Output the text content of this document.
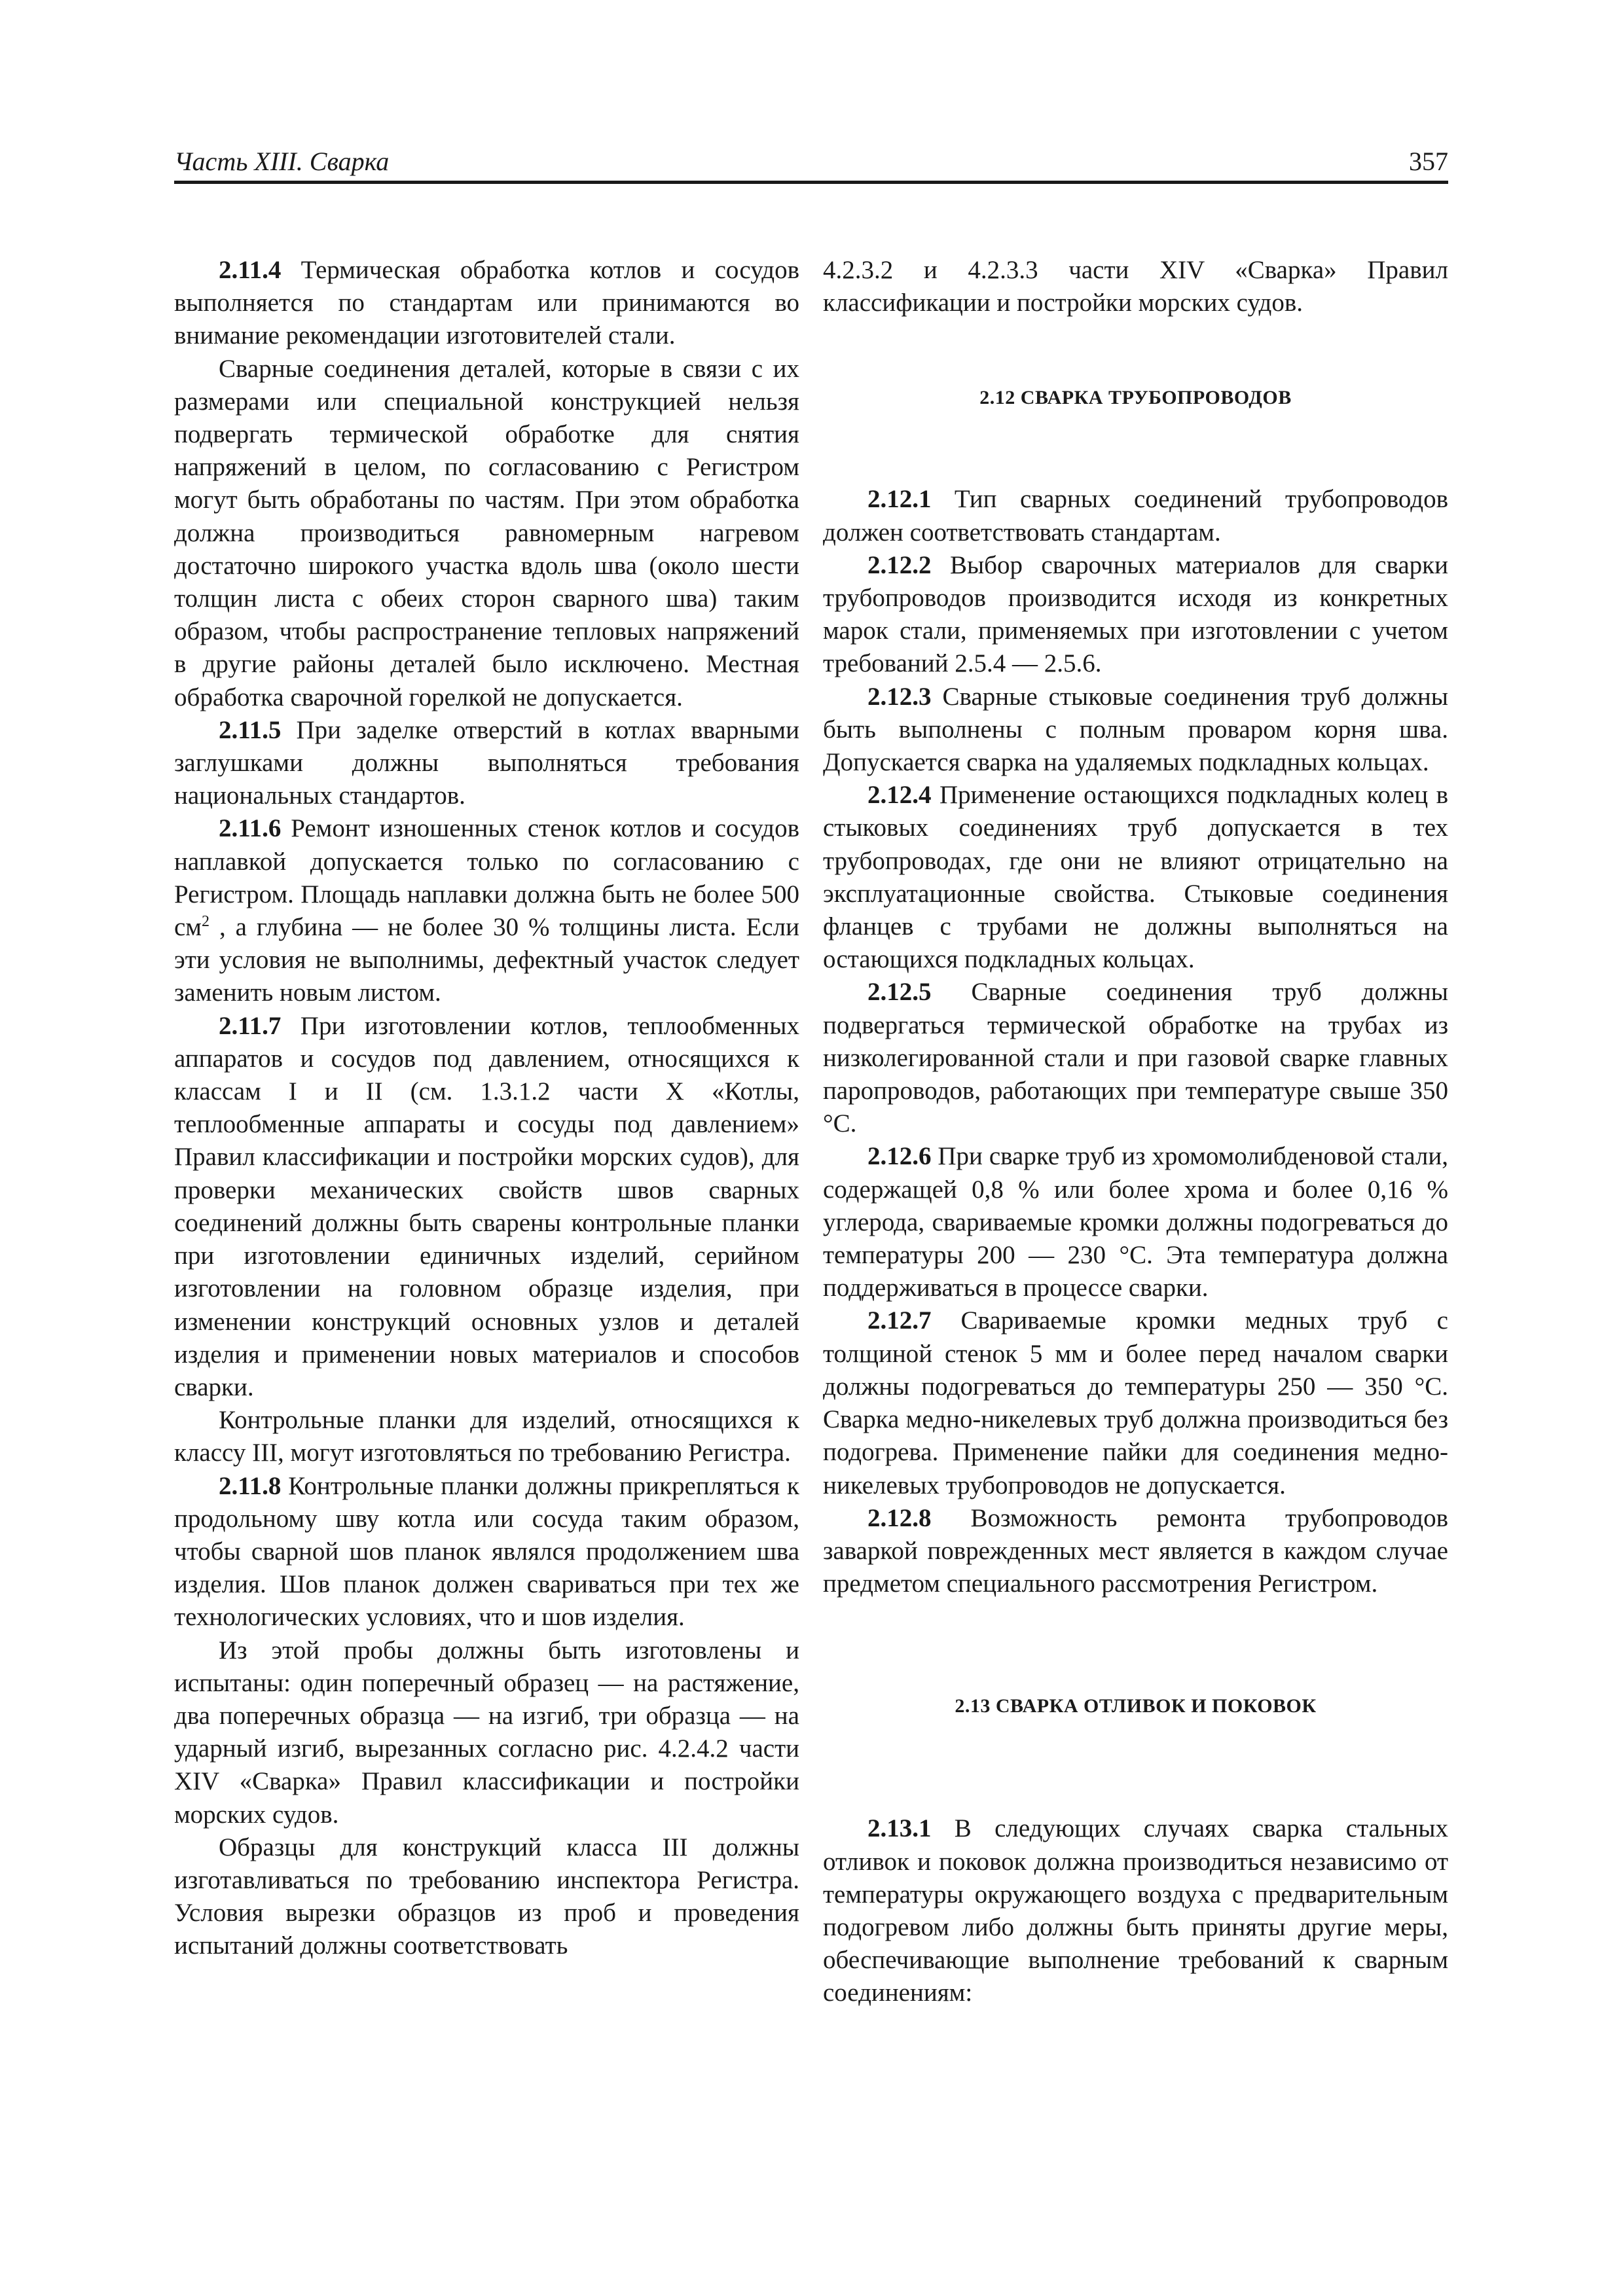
Часть XIII. Сварка	357

2.11.4 Термическая обработка котлов и сосудов выполняется по стандартам или принимаются во внимание рекомендации изготовителей стали.

Сварные соединения деталей, которые в связи с их размерами или специальной конструкцией нельзя подвергать термической обработке для снятия напряжений в целом, по согласованию с Регистром могут быть обработаны по частям. При этом обработка должна производиться равномерным нагревом достаточно широкого участка вдоль шва (около шести толщин листа с обеих сторон сварного шва) таким образом, чтобы распространение тепловых напряжений в другие районы деталей было исключено. Местная обработка сварочной горелкой не допускается.

2.11.5 При заделке отверстий в котлах вварными заглушками должны выполняться требования национальных стандартов.

2.11.6 Ремонт изношенных стенок котлов и сосудов наплавкой допускается только по согласованию с Регистром. Площадь наплавки должна быть не более 500 $см^2$ , а глубина — не более 30 % толщины листа. Если эти условия не выполнимы, дефектный участок следует заменить новым листом.

2.11.7 При изготовлении котлов, теплообменных аппаратов и сосудов под давлением, относящихся к классам I и II (см. 1.3.1.2 части X «Котлы, теплообменные аппараты и сосуды под давлением» Правил классификации и постройки морских судов), для проверки механических свойств швов сварных соединений должны быть сварены контрольные планки при изготовлении единичных изделий, серийном изготовлении на головном образце изделия, при изменении конструкций основных узлов и деталей изделия и применении новых материалов и способов сварки.

Контрольные планки для изделий, относящихся к классу III, могут изготовляться по требованию Регистра.

2.11.8 Контрольные планки должны прикрепляться к продольному шву котла или сосуда таким образом, чтобы сварной шов планок являлся продолжением шва изделия. Шов планок должен свариваться при тех же технологических условиях, что и шов изделия.

Из этой пробы должны быть изготовлены и испытаны: один поперечный образец — на растяжение, два поперечных образца — на изгиб, три образца — на ударный изгиб, вырезанных согласно рис. 4.2.4.2 части XIV «Сварка» Правил классификации и постройки морских судов.

Образцы для конструкций класса III должны изготавливаться по требованию инспектора Регистра. Условия вырезки образцов из проб и проведения испытаний должны соответствовать

4.2.3.2 и 4.2.3.3 части XIV «Сварка» Правил классификации и постройки морских судов.

2.12 СВАРКА ТРУБОПРОВОДОВ

2.12.1 Тип сварных соединений трубопроводов должен соответствовать стандартам.

2.12.2 Выбор сварочных материалов для сварки трубопроводов производится исходя из конкретных марок стали, применяемых при изготовлении с учетом требований 2.5.4 — 2.5.6.

2.12.3 Сварные стыковые соединения труб должны быть выполнены с полным проваром корня шва. Допускается сварка на удаляемых подкладных кольцах.

2.12.4 Применение остающихся подкладных колец в стыковых соединениях труб допускается в тех трубопроводах, где они не влияют отрицательно на эксплуатационные свойства. Стыковые соединения фланцев с трубами не должны выполняться на остающихся подкладных кольцах.

2.12.5 Сварные соединения труб должны подвергаться термической обработке на трубах из низколегированной стали и при газовой сварке главных паропроводов, работающих при температуре свыше 350 °С.

2.12.6 При сварке труб из хромомолибденовой стали, содержащей 0,8 % или более хрома и более 0,16 % углерода, свариваемые кромки должны подогреваться до температуры 200 — 230 °С. Эта температура должна поддерживаться в процессе сварки.

2.12.7 Свариваемые кромки медных труб с толщиной стенок 5 мм и более перед началом сварки должны подогреваться до температуры 250 — 350 °С. Сварка медно-никелевых труб должна производиться без подогрева. Применение пайки для соединения медно-никелевых трубопроводов не допускается.

2.12.8 Возможность ремонта трубопроводов заваркой поврежденных мест является в каждом случае предметом специального рассмотрения Регистром.

2.13 СВАРКА ОТЛИВОК И ПОКОВОК

2.13.1 В следующих случаях сварка стальных отливок и поковок должна производиться независимо от температуры окружающего воздуха с предварительным подогревом либо должны быть приняты другие меры, обеспечивающие выполнение требований к сварным соединениям:
